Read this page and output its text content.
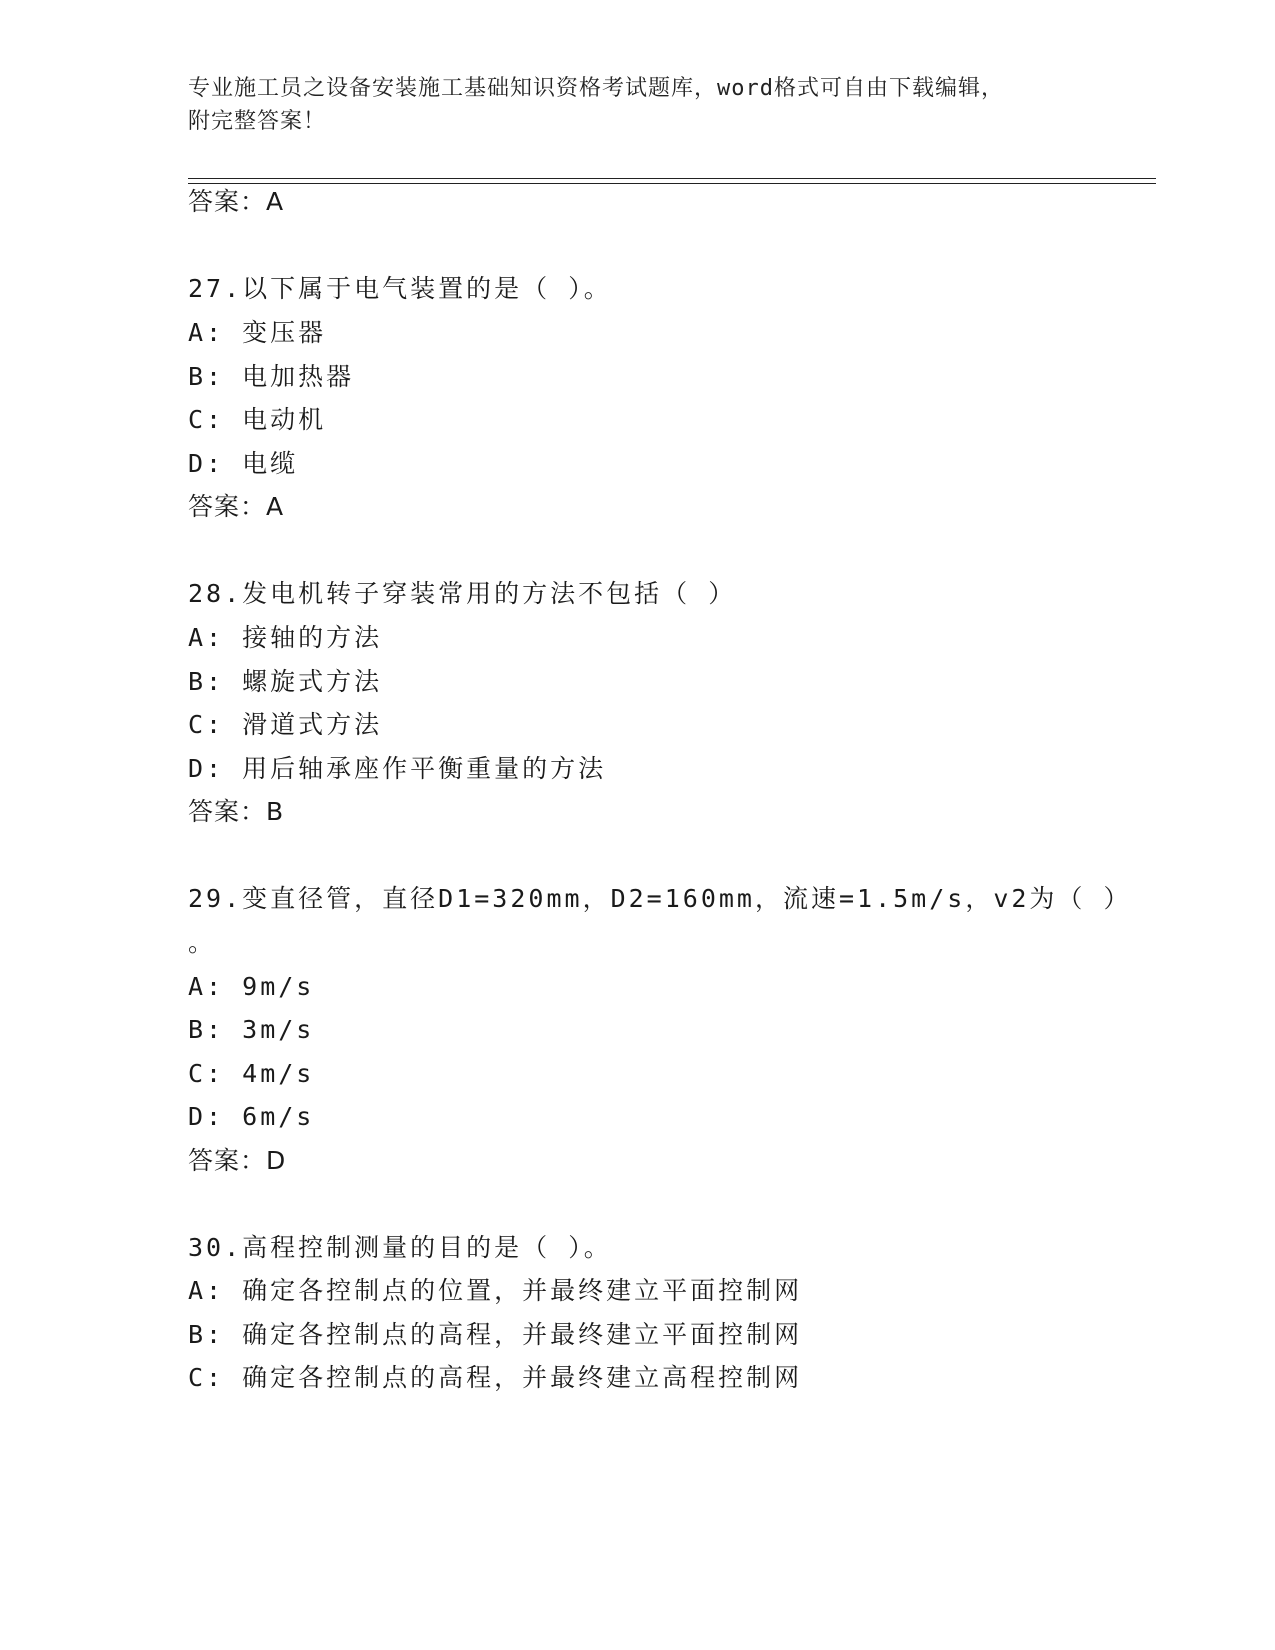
专业施工员之设备安装施工基础知识资格考试题库，word格式可自由下载编辑，
附完整答案！
答案：A
27.以下属于电气装置的是（ ）。
A: 变压器
B: 电加热器
C: 电动机
D: 电缆
答案：A
28.发电机转子穿装常用的方法不包括（ ）
A: 接轴的方法
B: 螺旋式方法
C: 滑道式方法
D: 用后轴承座作平衡重量的方法
答案：B
29.变直径管，直径D1=320mm，D2=160mm，流速=1.5m/s，v2为（ ）
。
A: 9m/s
B: 3m/s
C: 4m/s
D: 6m/s
答案：D
30.高程控制测量的目的是（ ）。
A: 确定各控制点的位置，并最终建立平面控制网
B: 确定各控制点的高程，并最终建立平面控制网
C: 确定各控制点的高程，并最终建立高程控制网
